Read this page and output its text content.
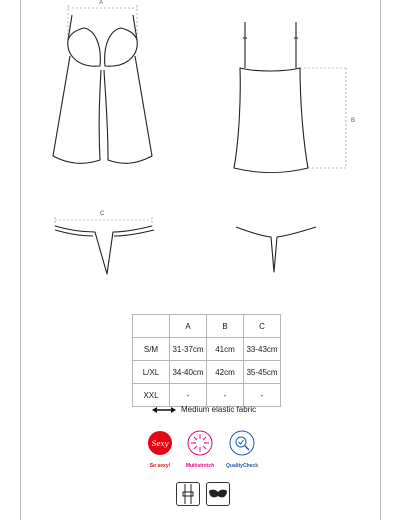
A
B
C
	A	B	C
S/M	31-37cm	41cm	33-43cm
L/XL	34-40cm	42cm	35-45cm
XXL	-	-	-
Medium elastic fabric
Sexy
So sexy!	Multistretch	QualityCheck
